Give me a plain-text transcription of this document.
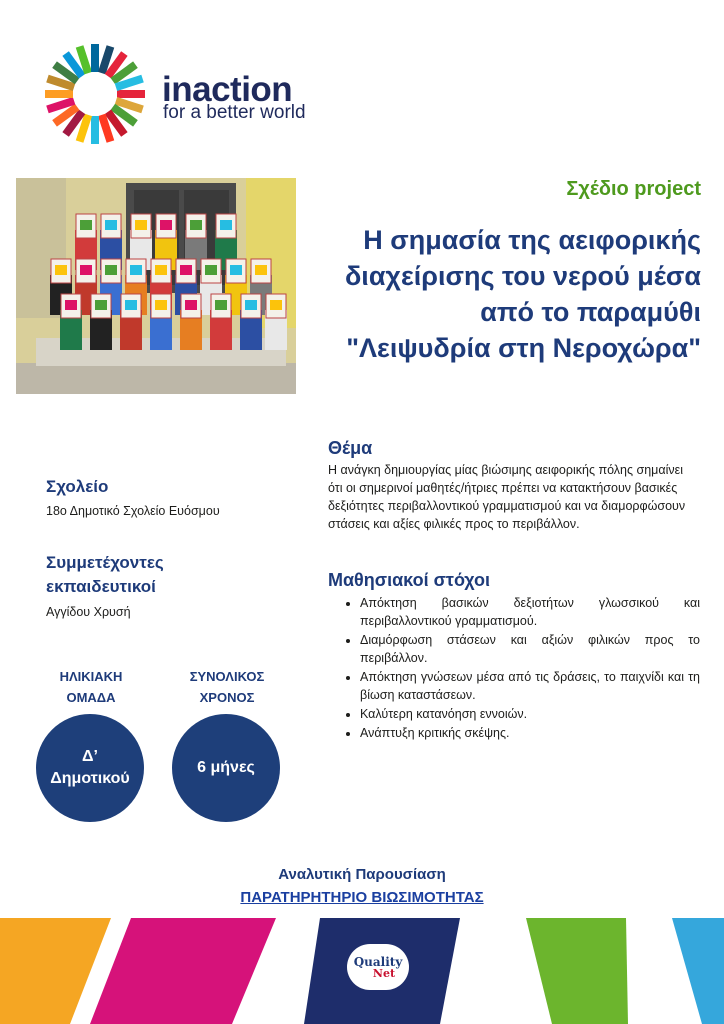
inaction
for a better world
Σχέδιο project
Η σημασία της αειφορικής
διαχείρισης του νερού μέσα
από το παραμύθι
"Λειψυδρία στη Νεροχώρα"
Θέμα
Η ανάγκη δημιουργίας μίας βιώσιμης αειφορικής πόλης σημαίνει ότι οι σημερινοί μαθητές/ήτριες πρέπει να κατακτήσουν βασικές δεξιότητες περιβαλλοντικού γραμματισμού και να διαμορφώσουν στάσεις και αξίες φιλικές προς το περιβάλλον.
Μαθησιακοί στόχοι
• Απόκτηση βασικών δεξιοτήτων γλωσσικού και περιβαλλοντικού γραμματισμού.
• Διαμόρφωση στάσεων και αξιών φιλικών προς το περιβάλλον.
• Απόκτηση γνώσεων μέσα από τις δράσεις, το παιχνίδι και τη βίωση καταστάσεων.
• Καλύτερη κατανόηση εννοιών.
• Ανάπτυξη κριτικής σκέψης.
Σχολείο
18ο Δημοτικό Σχολείο Ευόσμου
Συμμετέχοντες
εκπαιδευτικοί
Αγγίδου Χρυσή
ΗΛΙΚΙΑΚΗ
ΟΜΑΔΑ
ΣΥΝΟΛΙΚΟΣ
ΧΡΟΝΟΣ
Δ’
Δημοτικού
6 μήνες
Αναλυτική Παρουσίαση
ΠΑΡΑΤΗΡΗΤΗΡΙΟ ΒΙΩΣΙΜΟΤΗΤΑΣ
Quality
Net
